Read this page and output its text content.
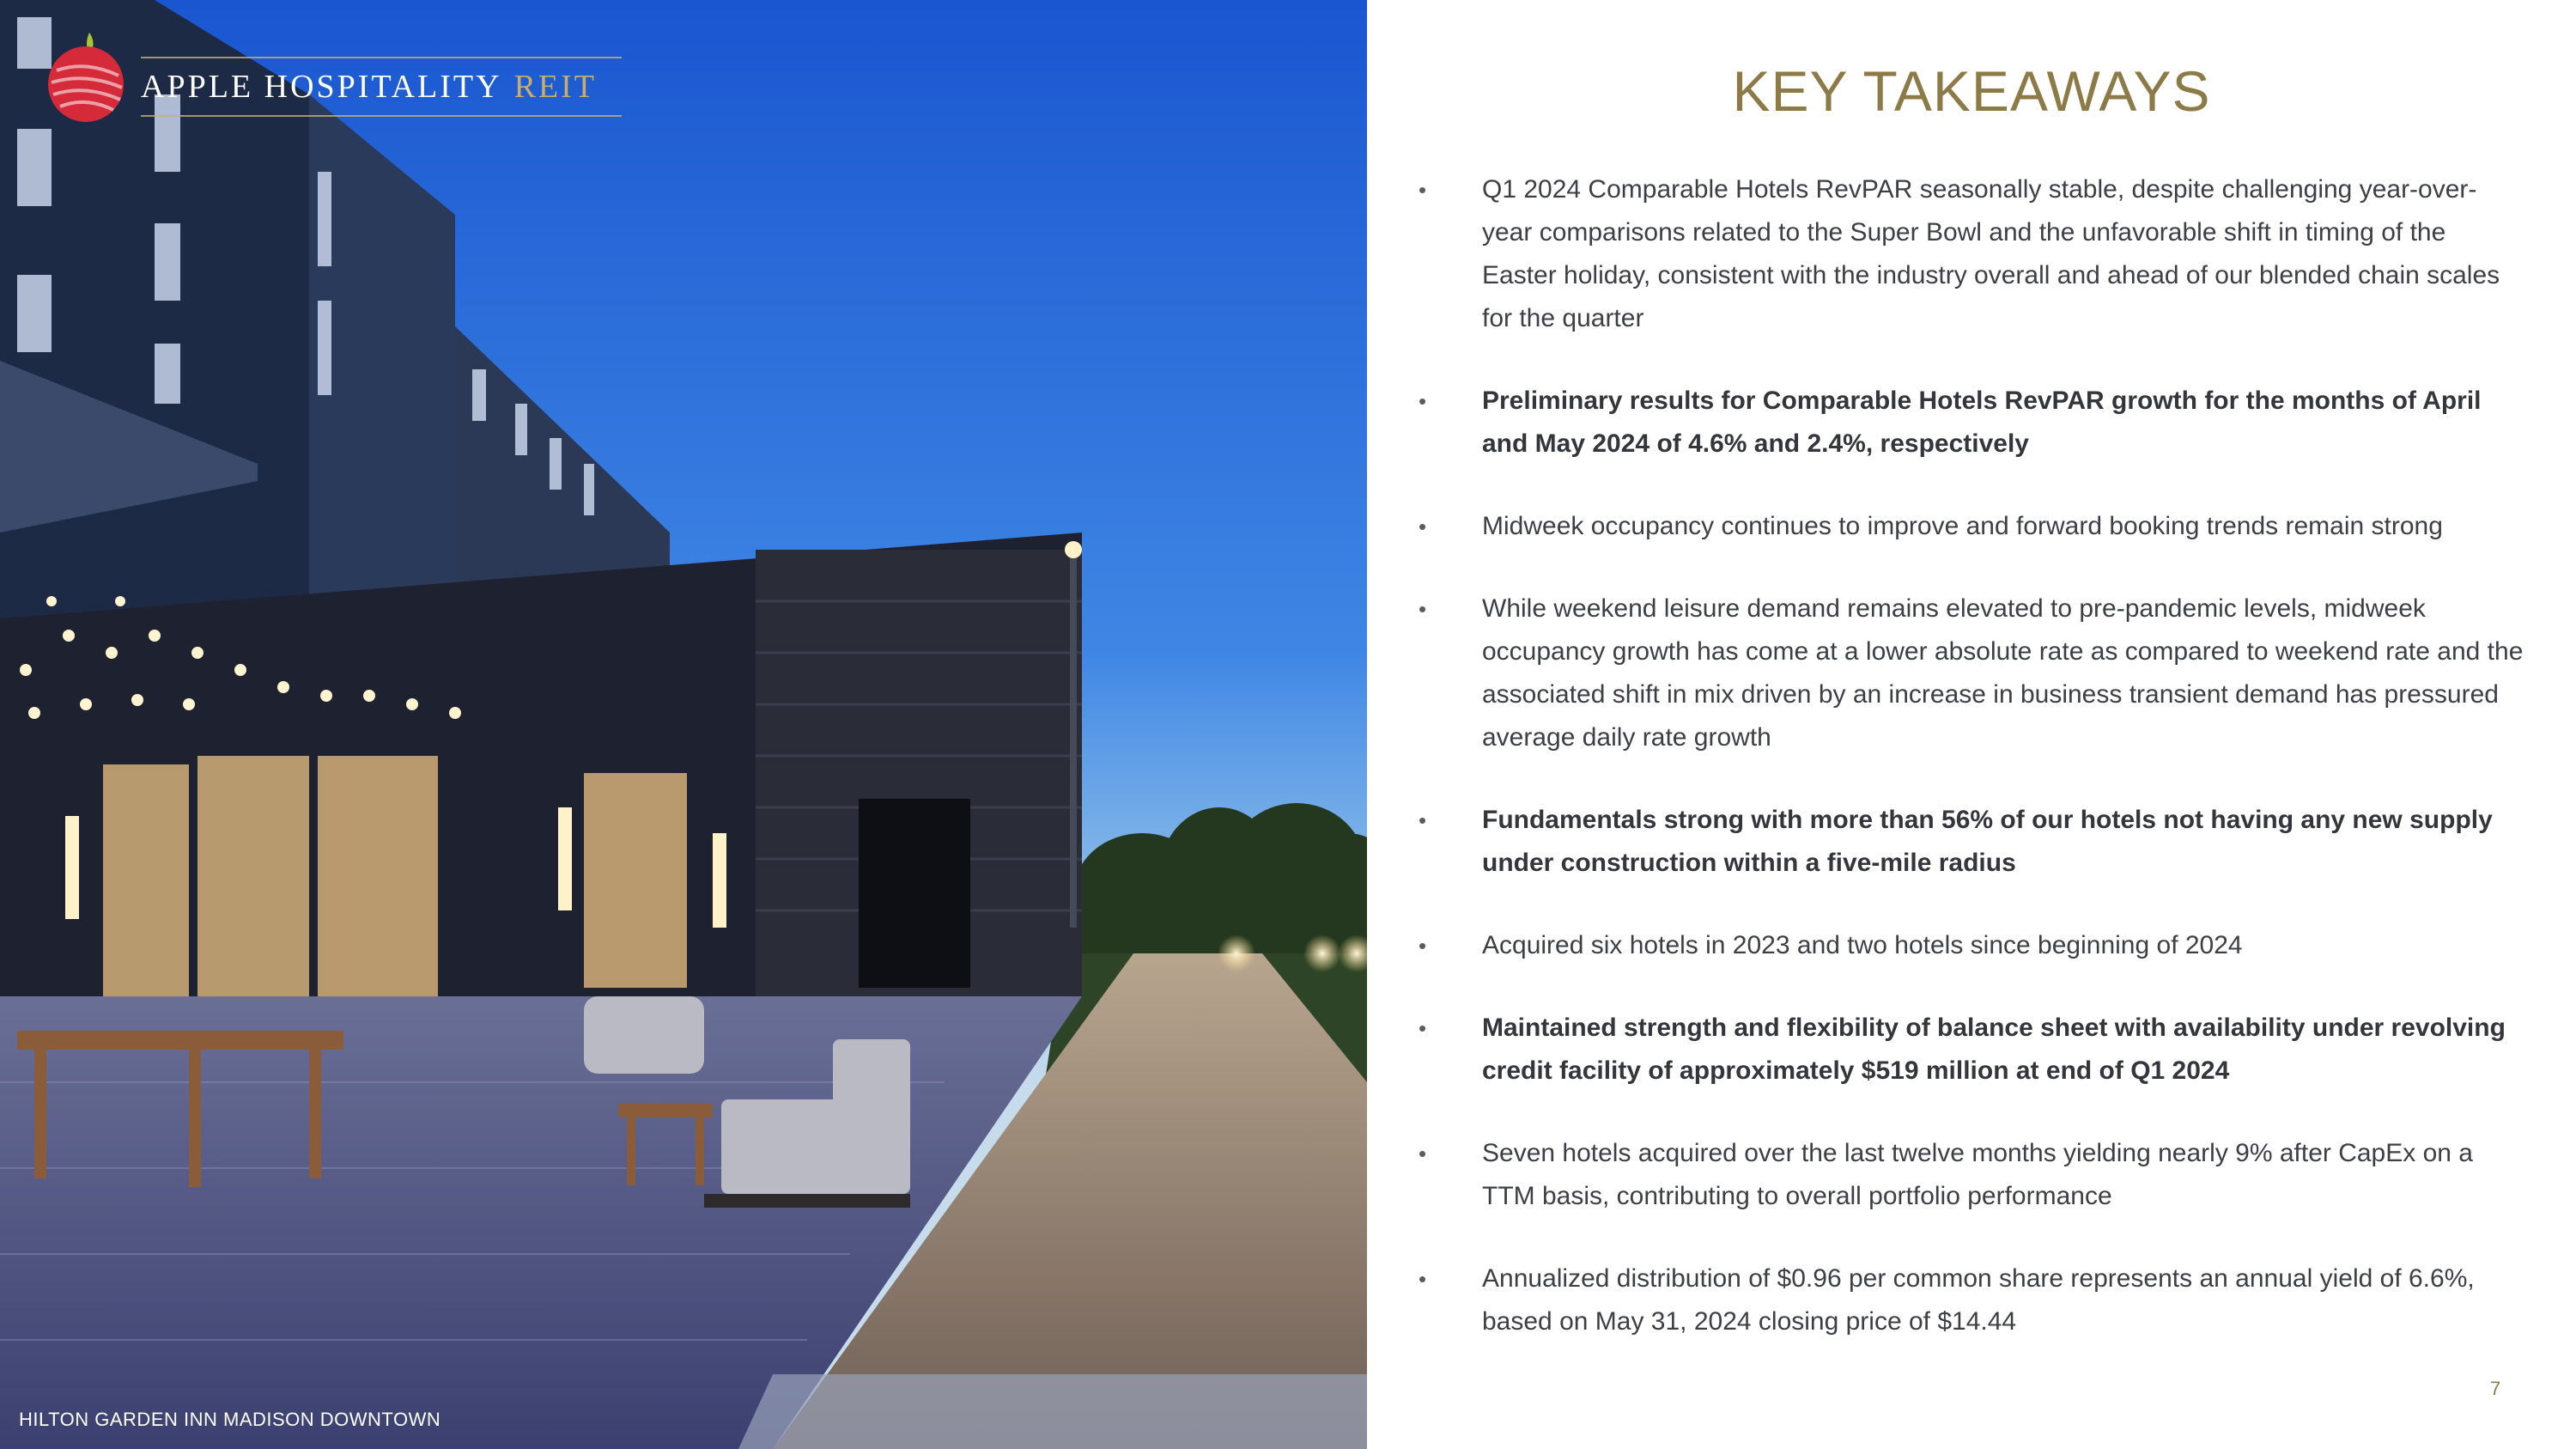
APPLE HOSPITALITY REIT
HILTON GARDEN INN MADISON DOWNTOWN
KEY TAKEAWAYS
•	Q1 2024 Comparable Hotels RevPAR seasonally stable, despite challenging year-over-year comparisons related to the Super Bowl and the unfavorable shift in timing of the Easter holiday, consistent with the industry overall and ahead of our blended chain scales for the quarter
•	Preliminary results for Comparable Hotels RevPAR growth for the months of April and May 2024 of 4.6% and 2.4%, respectively
•	Midweek occupancy continues to improve and forward booking trends remain strong
•	While weekend leisure demand remains elevated to pre-pandemic levels, midweek occupancy growth has come at a lower absolute rate as compared to weekend rate and the associated shift in mix driven by an increase in business transient demand has pressured average daily rate growth
•	Fundamentals strong with more than 56% of our hotels not having any new supply under construction within a five-mile radius
•	Acquired six hotels in 2023 and two hotels since beginning of 2024
•	Maintained strength and flexibility of balance sheet with availability under revolving credit facility of approximately $519 million at end of Q1 2024
•	Seven hotels acquired over the last twelve months yielding nearly 9% after CapEx on a TTM basis, contributing to overall portfolio performance
•	Annualized distribution of $0.96 per common share represents an annual yield of 6.6%, based on May 31, 2024 closing price of $14.44
7
